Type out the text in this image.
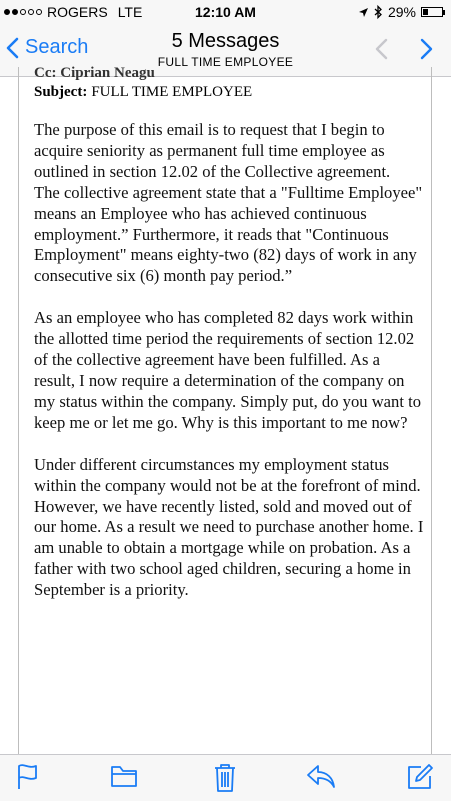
ROGERS LTE	12:10 AM	29%
Search	5 Messages
FULL TIME EMPLOYEE
Cc: Ciprian Neagu
Subject: FULL TIME EMPLOYEE

The purpose of this email is to request that I begin to acquire seniority as permanent full time employee as outlined in section 12.02 of the Collective agreement.
The collective agreement state that a "Fulltime Employee" means an Employee who has achieved continuous employment.” Furthermore, it reads that "Continuous Employment" means eighty-two (82) days of work in any consecutive six (6) month pay period.”

As an employee who has completed 82 days work within the allotted time period the requirements of section 12.02 of the collective agreement have been fulfilled. As a result, I now require a determination of the company on my status within the company. Simply put, do you want to keep me or let me go. Why is this important to me now?

Under different circumstances my employment status within the company would not be at the forefront of mind. However, we have recently listed, sold and moved out of our home. As a result we need to purchase another home. I am unable to obtain a mortgage while on probation. As a father with two school aged children, securing a home in September is a priority.
